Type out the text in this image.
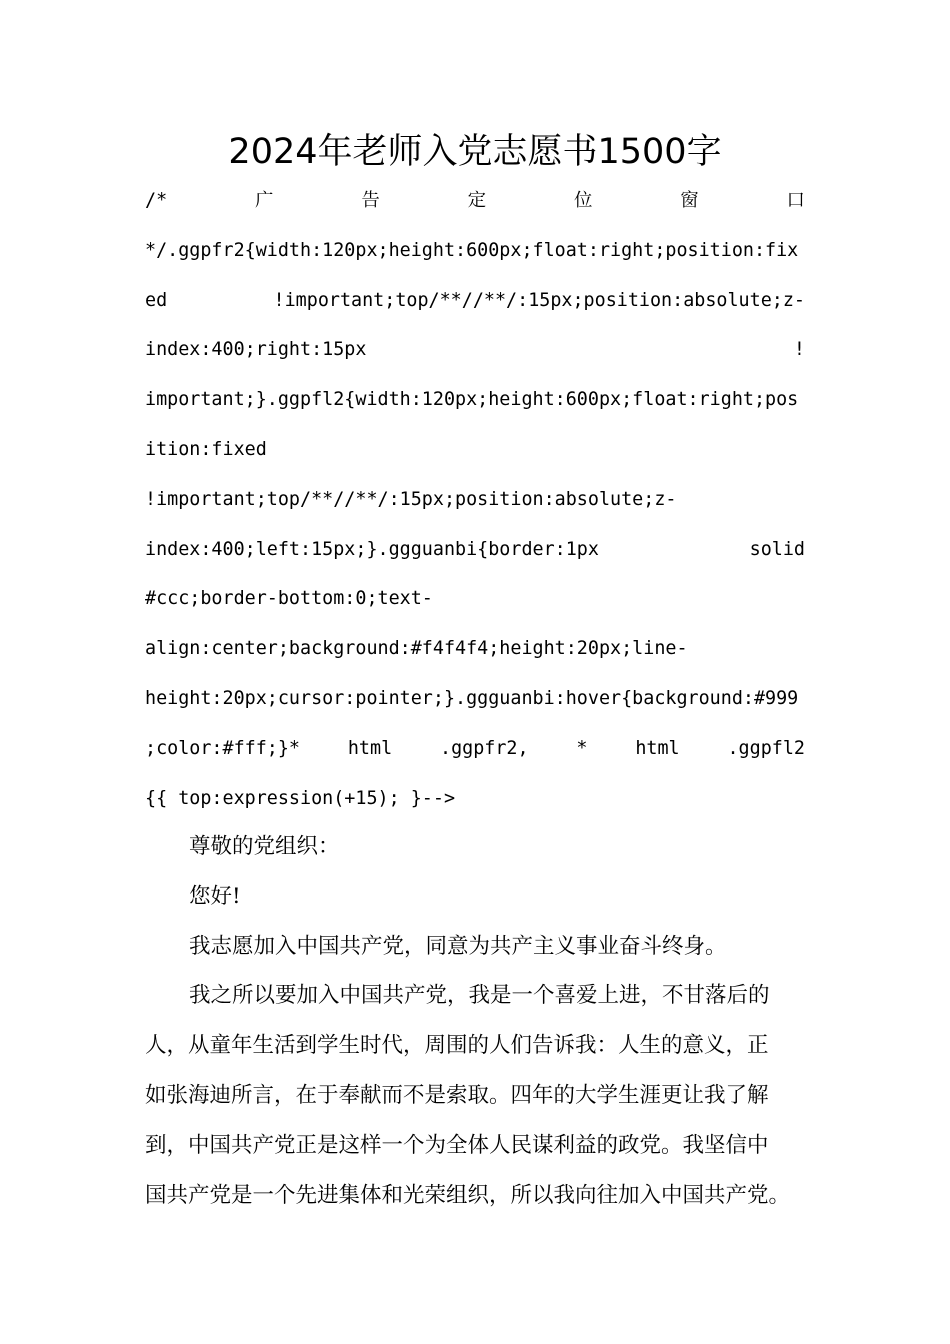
2024年老师入党志愿书1500字
/*	广	告	定	位	窗	口
*/.ggpfr2{width:120px;height:600px;float:right;position:fix
ed	!important;top/**//**/:15px;position:absolute;z-
index:400;right:15px	!
important;}.ggpfl2{width:120px;height:600px;float:right;pos
ition:fixed
!important;top/**//**/:15px;position:absolute;z-
index:400;left:15px;}.ggguanbi{border:1px	solid
#ccc;border-bottom:0;text-
align:center;background:#f4f4f4;height:20px;line-
height:20px;cursor:pointer;}.ggguanbi:hover{background:#999
;color:#fff;}*	html	.ggpfr2,	*	html	.ggpfl2
{{ top:expression(+15); }-->
尊敬的党组织：
您好!
我志愿加入中国共产党，同意为共产主义事业奋斗终身。
我之所以要加入中国共产党，我是一个喜爱上进，不甘落后的
人，从童年生活到学生时代，周围的人们告诉我：人生的意义，正
如张海迪所言，在于奉献而不是索取。四年的大学生涯更让我了解
到，中国共产党正是这样一个为全体人民谋利益的政党。我坚信中
国共产党是一个先进集体和光荣组织，所以我向往加入中国共产党。
